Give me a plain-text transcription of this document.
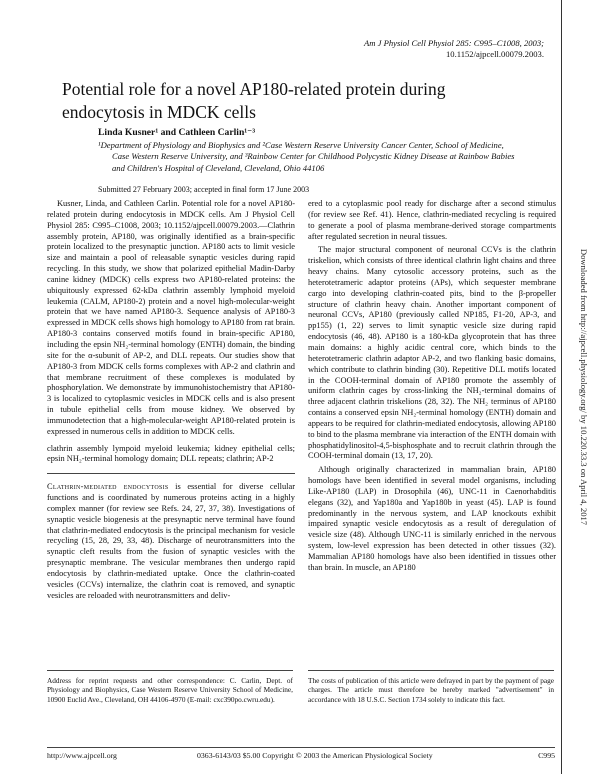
Am J Physiol Cell Physiol 285: C995–C1008, 2003;
10.1152/ajpcell.00079.2003.
Downloaded from http://ajpcell.physiology.org/ by 10.220.33.3 on April 4, 2017
Potential role for a novel AP180-related protein during endocytosis in MDCK cells
Linda Kusner¹ and Cathleen Carlin¹⁻³
¹Department of Physiology and Biophysics and ²Case Western Reserve University Cancer Center, School of Medicine, Case Western Reserve University, and ³Rainbow Center for Childhood Polycystic Kidney Disease at Rainbow Babies and Children's Hospital of Cleveland, Cleveland, Ohio 44106
Submitted 27 February 2003; accepted in final form 17 June 2003

Kusner, Linda, and Cathleen Carlin. Potential role for a novel AP180-related protein during endocytosis in MDCK cells. Am J Physiol Cell Physiol 285: C995–C1008, 2003; 10.1152/ajpcell.00079.2003.—Clathrin assembly protein, AP180, was originally identified as a brain-specific protein localized to the presynaptic junction. AP180 acts to limit vesicle size and maintain a pool of releasable synaptic vesicles during rapid recycling. In this study, we show that polarized epithelial Madin-Darby canine kidney (MDCK) cells express two AP180-related proteins: the ubiquitously expressed 62-kDa clathrin assembly lymphoid myeloid leukemia (CALM, AP180-2) protein and a novel high-molecular-weight protein that we have named AP180-3. Sequence analysis of AP180-3 expressed in MDCK cells shows high homology to AP180 from rat brain. AP180-3 contains conserved motifs found in brain-specific AP180, including the epsin NH₂-terminal homology (ENTH) domain, the binding site for the α-subunit of AP-2, and DLL repeats. Our studies show that AP180-3 from MDCK cells forms complexes with AP-2 and clathrin and that membrane recruitment of these complexes is modulated by phosphorylation. We demonstrate by immunohistochemistry that AP180-3 is localized to cytoplasmic vesicles in MDCK cells and is also present in tubule epithelial cells from mouse kidney. We observed by immunodetection that a high-molecular-weight AP180-related protein is expressed in numerous cells in addition to MDCK cells.

clathrin assembly lympoid myeloid leukemia; kidney epithelial cells; epsin NH₂-terminal homology domain; DLL repeats; clathrin; AP-2

Clathrin-mediated endocytosis is essential for diverse cellular functions and is coordinated by numerous proteins acting in a highly complex manner (for review see Refs. 24, 27, 37, 38). Investigations of synaptic vesicle biogenesis at the presynaptic nerve terminal have found that clathrin-mediated endocytosis is the principal mechanism for vesicle recycling (15, 28, 29, 33, 48). Discharge of neurotransmitters into the synaptic cleft results from the fusion of synaptic vesicles with the presynaptic membrane. The vesicular membranes then undergo rapid endocytosis by clathrin-mediated uptake. Once the clathrin-coated vesicles (CCVs) internalize, the clathrin coat is removed, and synaptic vesicles are reloaded with neurotransmitters and deliv-

ered to a cytoplasmic pool ready for discharge after a second stimulus (for review see Ref. 41). Hence, clathrin-mediated recycling is required to generate a pool of plasma membrane-derived storage compartments after regulated secretion in neural tissues.

The major structural component of neuronal CCVs is the clathrin triskelion, which consists of three identical clathrin light chains and three heavy chains. Many cytosolic accessory proteins, such as the heterotetrameric adaptor proteins (APs), which sequester membrane cargo into developing clathrin-coated pits, bind to the β-propeller structure of clathrin heavy chain. Another important component of neuronal CCVs, AP180 (previously called NP185, F1-20, AP-3, and pp155) (1, 22) serves to limit synaptic vesicle size during rapid endocytosis (46, 48). AP180 is a 180-kDa glycoprotein that has three main domains: a highly acidic central core, which binds to the heterotetrameric clathrin adaptor AP-2, and two flanking basic domains, which contribute to clathrin binding (30). Repetitive DLL motifs located in the COOH-terminal domain of AP180 promote the assembly of uniform clathrin cages by cross-linking the NH₂-terminal domains of three adjacent clathrin triskelions (28, 32). The NH₂ terminus of AP180 contains a conserved epsin NH₂-terminal homology (ENTH) domain and appears to be required for clathrin-mediated endocytosis, allowing AP180 to bind to the plasma membrane via interaction of the ENTH domain with phosphatidylinositol-4,5-bisphosphate and to recruit clathrin through the COOH-terminal domain (13, 17, 20).

Although originally characterized in mammalian brain, AP180 homologs have been identified in several model organisms, including Like-AP180 (LAP) in Drosophila (46), UNC-11 in Caenorhabditis elegans (32), and Yap180a and Yap180b in yeast (45). LAP is found predominantly in the nervous system, and LAP knockouts exhibit impaired synaptic vesicle endocytosis as a result of deregulation of vesicle size (48). Although UNC-11 is similarly enriched in the nervous system, low-level expression has been detected in other tissues (32). Mammalian AP180 homologs have also been identified in tissues other than brain. In muscle, an AP180

Address for reprint requests and other correspondence: C. Carlin, Dept. of Physiology and Biophysics, Case Western Reserve University School of Medicine, 10900 Euclid Ave., Cleveland, OH 44106-4970 (E-mail: cxc390po.cwru.edu).
The costs of publication of this article were defrayed in part by the payment of page charges. The article must therefore be hereby marked "advertisement" in accordance with 18 U.S.C. Section 1734 solely to indicate this fact.
http://www.ajpcell.org	0363-6143/03 $5.00 Copyright © 2003 the American Physiological Society	C995
